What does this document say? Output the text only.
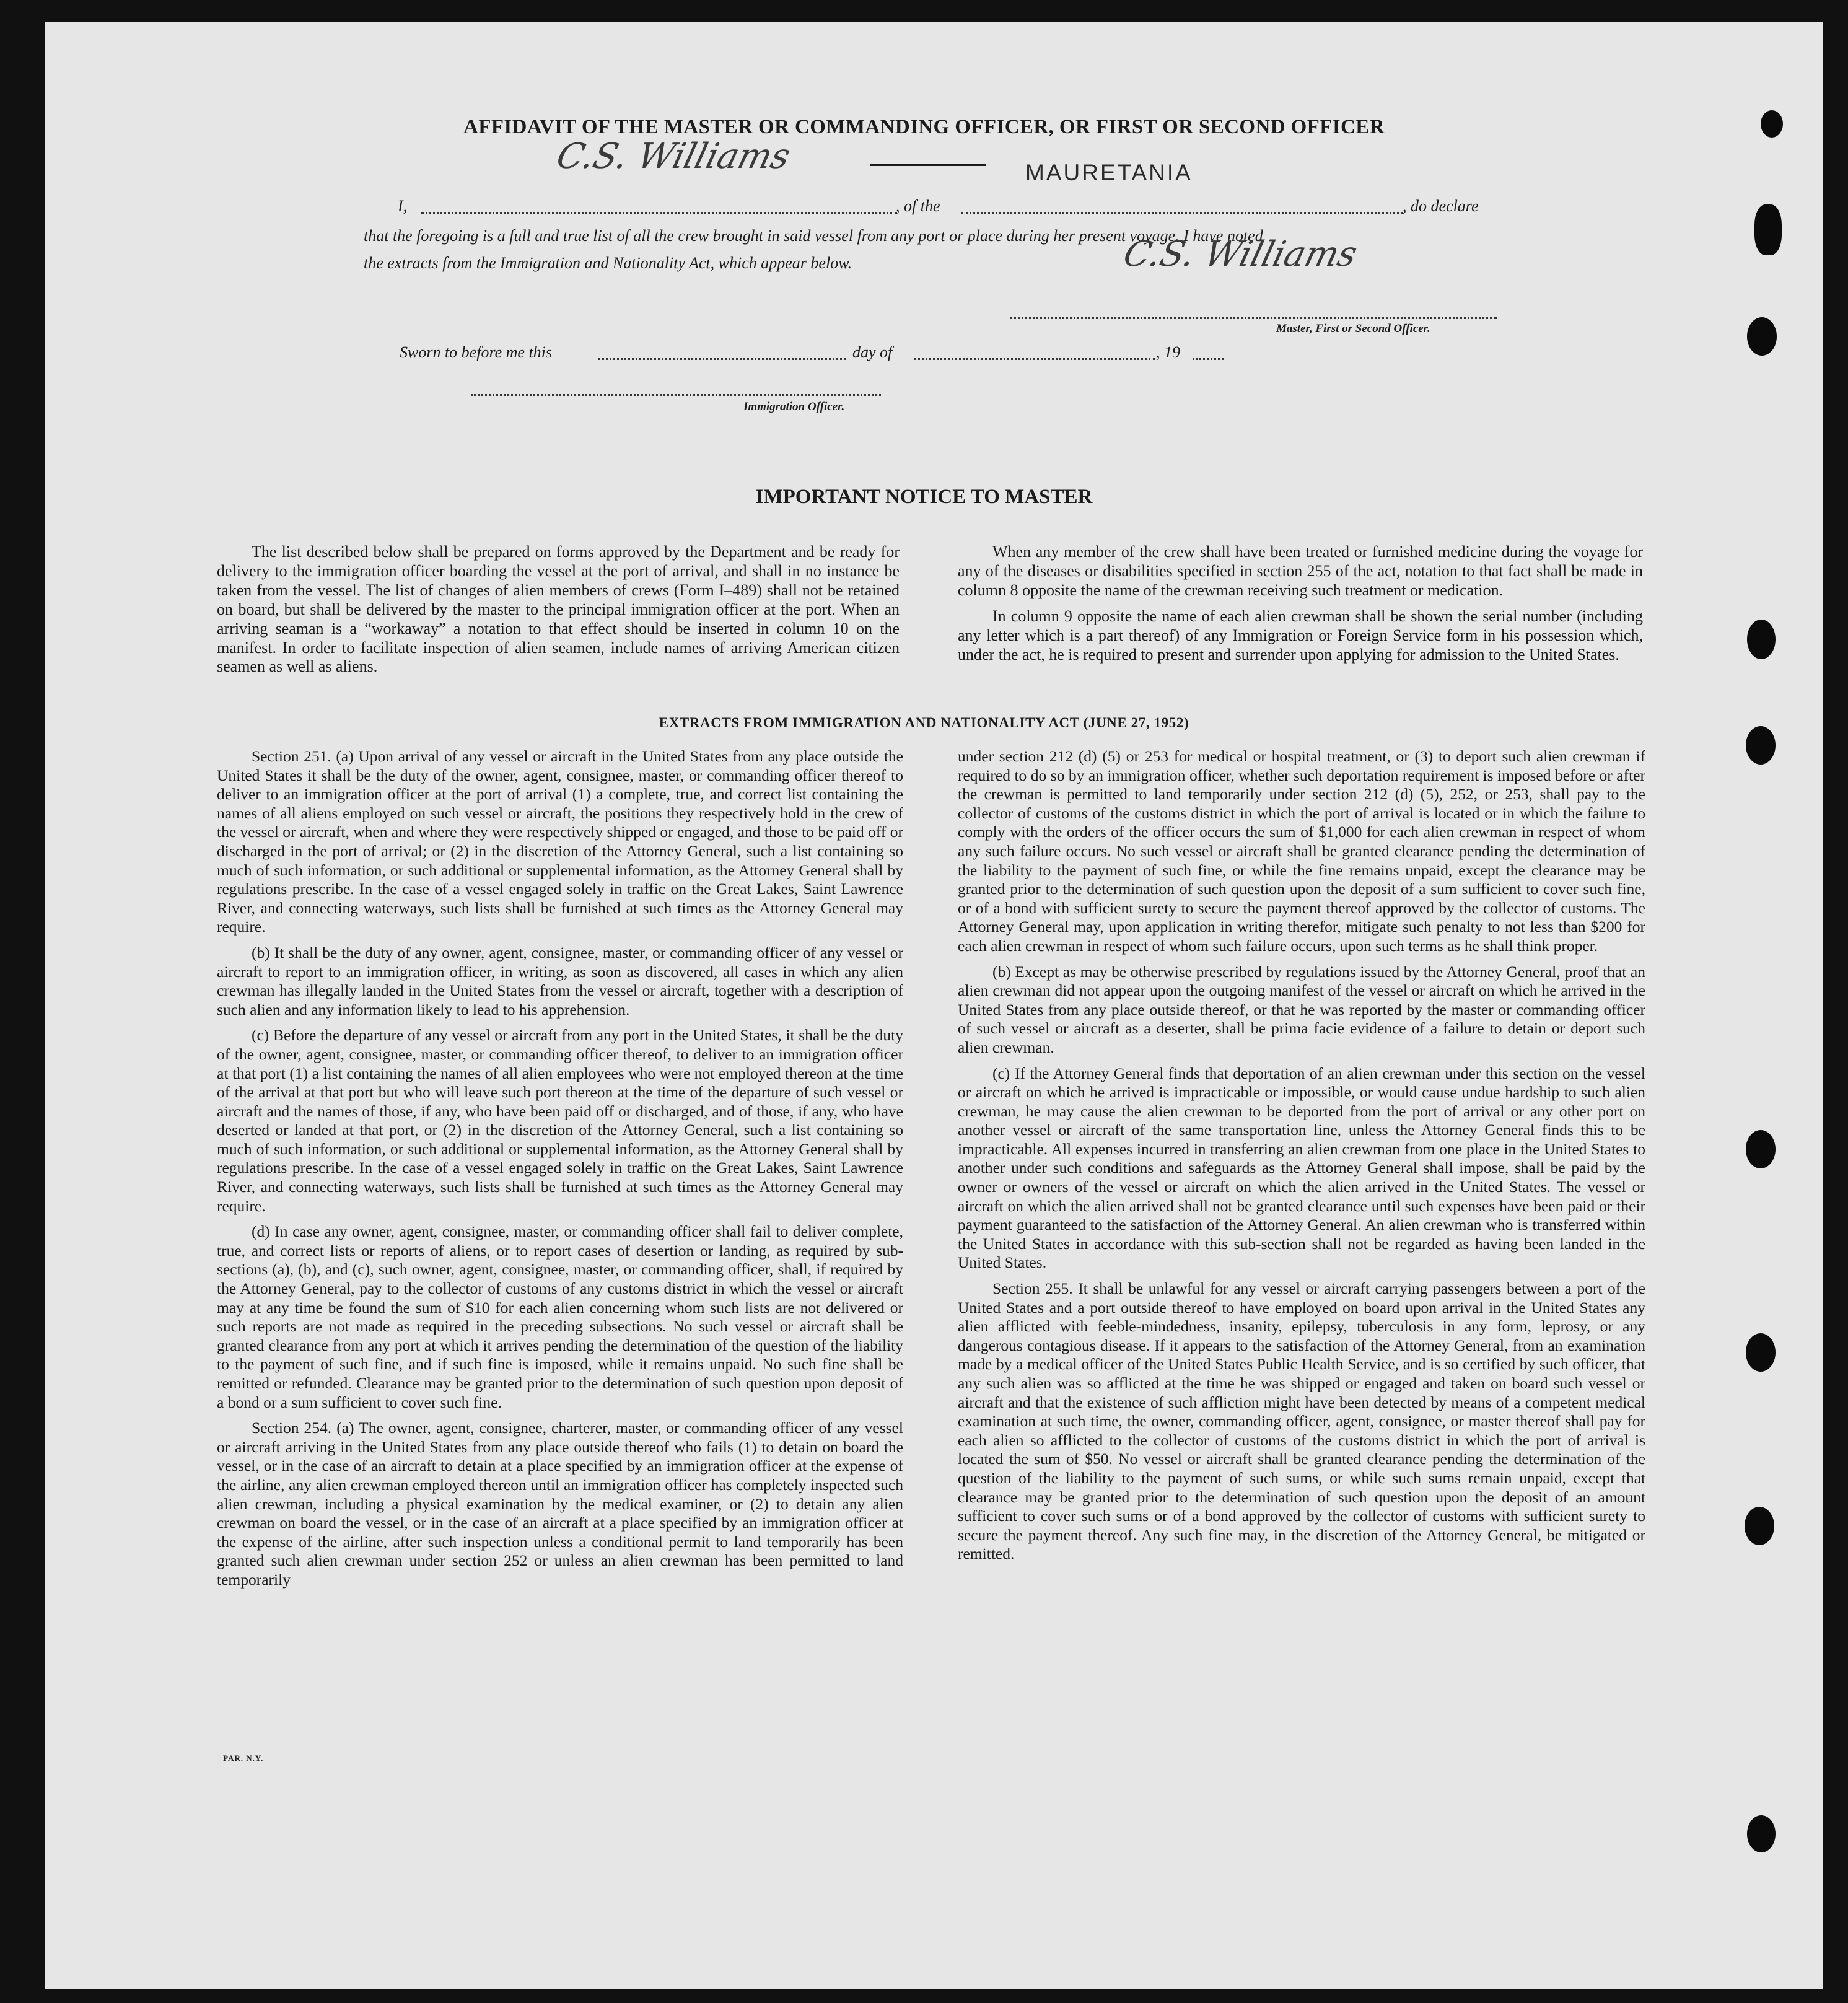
AFFIDAVIT OF THE MASTER OR COMMANDING OFFICER, OR FIRST OR SECOND OFFICER
C.S. Williams	MAURETANIA
I,	, of the	, do declare
that the foregoing is a full and true list of all the crew brought in said vessel from any port or place during her present voyage. I have noted
the extracts from the Immigration and Nationality Act, which appear below.	C.S. Williams
Master, First or Second Officer.
Sworn to before me this	day of	, 19
Immigration Officer.
IMPORTANT NOTICE TO MASTER

The list described below shall be prepared on forms approved by the Department and be ready for delivery to the immigration officer boarding the vessel at the port of arrival, and shall in no instance be taken from the vessel. The list of changes of alien members of crews (Form I–489) shall not be retained on board, but shall be delivered by the master to the principal immigration officer at the port. When an arriving seaman is a “workaway” a notation to that effect should be inserted in column 10 on the manifest. In order to facilitate inspection of alien seamen, include names of arriving American citizen seamen as well as aliens.

When any member of the crew shall have been treated or furnished medicine during the voyage for any of the diseases or disabilities specified in section 255 of the act, notation to that fact shall be made in column 8 opposite the name of the crewman receiving such treatment or medication.

In column 9 opposite the name of each alien crewman shall be shown the serial number (including any letter which is a part thereof) of any Immigration or Foreign Service form in his possession which, under the act, he is required to present and surrender upon applying for admission to the United States.

EXTRACTS FROM IMMIGRATION AND NATIONALITY ACT (JUNE 27, 1952)

Section 251. (a) Upon arrival of any vessel or aircraft in the United States from any place outside the United States it shall be the duty of the owner, agent, consignee, master, or commanding officer thereof to deliver to an immigration officer at the port of arrival (1) a complete, true, and correct list containing the names of all aliens employed on such vessel or aircraft, the positions they respectively hold in the crew of the vessel or aircraft, when and where they were respectively shipped or engaged, and those to be paid off or discharged in the port of arrival; or (2) in the discretion of the Attorney General, such a list containing so much of such information, or such additional or supplemental information, as the Attorney General shall by regulations prescribe. In the case of a vessel engaged solely in traffic on the Great Lakes, Saint Lawrence River, and connecting waterways, such lists shall be furnished at such times as the Attorney General may require.

(b) It shall be the duty of any owner, agent, consignee, master, or commanding officer of any vessel or aircraft to report to an immigration officer, in writing, as soon as discovered, all cases in which any alien crewman has illegally landed in the United States from the vessel or aircraft, together with a description of such alien and any information likely to lead to his apprehension.

(c) Before the departure of any vessel or aircraft from any port in the United States, it shall be the duty of the owner, agent, consignee, master, or commanding officer thereof, to deliver to an immigration officer at that port (1) a list containing the names of all alien employees who were not employed thereon at the time of the arrival at that port but who will leave such port thereon at the time of the departure of such vessel or aircraft and the names of those, if any, who have been paid off or discharged, and of those, if any, who have deserted or landed at that port, or (2) in the discretion of the Attorney General, such a list containing so much of such information, or such additional or supplemental information, as the Attorney General shall by regulations prescribe. In the case of a vessel engaged solely in traffic on the Great Lakes, Saint Lawrence River, and connecting waterways, such lists shall be furnished at such times as the Attorney General may require.

(d) In case any owner, agent, consignee, master, or commanding officer shall fail to deliver complete, true, and correct lists or reports of aliens, or to report cases of desertion or landing, as required by sub-sections (a), (b), and (c), such owner, agent, consignee, master, or commanding officer, shall, if required by the Attorney General, pay to the collector of customs of any customs district in which the vessel or aircraft may at any time be found the sum of $10 for each alien concerning whom such lists are not delivered or such reports are not made as required in the preceding subsections. No such vessel or aircraft shall be granted clearance from any port at which it arrives pending the determination of the question of the liability to the payment of such fine, and if such fine is imposed, while it remains unpaid. No such fine shall be remitted or refunded. Clearance may be granted prior to the determination of such question upon deposit of a bond or a sum sufficient to cover such fine.

Section 254. (a) The owner, agent, consignee, charterer, master, or commanding officer of any vessel or aircraft arriving in the United States from any place outside thereof who fails (1) to detain on board the vessel, or in the case of an aircraft to detain at a place specified by an immigration officer at the expense of the airline, any alien crewman employed thereon until an immigration officer has completely inspected such alien crewman, including a physical examination by the medical examiner, or (2) to detain any alien crewman on board the vessel, or in the case of an aircraft at a place specified by an immigration officer at the expense of the airline, after such inspection unless a conditional permit to land temporarily has been granted such alien crewman under section 252 or unless an alien crewman has been permitted to land temporarily

under section 212 (d) (5) or 253 for medical or hospital treatment, or (3) to deport such alien crewman if required to do so by an immigration officer, whether such deportation requirement is imposed before or after the crewman is permitted to land temporarily under section 212 (d) (5), 252, or 253, shall pay to the collector of customs of the customs district in which the port of arrival is located or in which the failure to comply with the orders of the officer occurs the sum of $1,000 for each alien crewman in respect of whom any such failure occurs. No such vessel or aircraft shall be granted clearance pending the determination of the liability to the payment of such fine, or while the fine remains unpaid, except the clearance may be granted prior to the determination of such question upon the deposit of a sum sufficient to cover such fine, or of a bond with sufficient surety to secure the payment thereof approved by the collector of customs. The Attorney General may, upon application in writing therefor, mitigate such penalty to not less than $200 for each alien crewman in respect of whom such failure occurs, upon such terms as he shall think proper.

(b) Except as may be otherwise prescribed by regulations issued by the Attorney General, proof that an alien crewman did not appear upon the outgoing manifest of the vessel or aircraft on which he arrived in the United States from any place outside thereof, or that he was reported by the master or commanding officer of such vessel or aircraft as a deserter, shall be prima facie evidence of a failure to detain or deport such alien crewman.

(c) If the Attorney General finds that deportation of an alien crewman under this section on the vessel or aircraft on which he arrived is impracticable or impossible, or would cause undue hardship to such alien crewman, he may cause the alien crewman to be deported from the port of arrival or any other port on another vessel or aircraft of the same transportation line, unless the Attorney General finds this to be impracticable. All expenses incurred in transferring an alien crewman from one place in the United States to another under such conditions and safeguards as the Attorney General shall impose, shall be paid by the owner or owners of the vessel or aircraft on which the alien arrived in the United States. The vessel or aircraft on which the alien arrived shall not be granted clearance until such expenses have been paid or their payment guaranteed to the satisfaction of the Attorney General. An alien crewman who is transferred within the United States in accordance with this sub-section shall not be regarded as having been landed in the United States.

Section 255. It shall be unlawful for any vessel or aircraft carrying passengers between a port of the United States and a port outside thereof to have employed on board upon arrival in the United States any alien afflicted with feeble-mindedness, insanity, epilepsy, tuberculosis in any form, leprosy, or any dangerous contagious disease. If it appears to the satisfaction of the Attorney General, from an examination made by a medical officer of the United States Public Health Service, and is so certified by such officer, that any such alien was so afflicted at the time he was shipped or engaged and taken on board such vessel or aircraft and that the existence of such affliction might have been detected by means of a competent medical examination at such time, the owner, commanding officer, agent, consignee, or master thereof shall pay for each alien so afflicted to the collector of customs of the customs district in which the port of arrival is located the sum of $50. No vessel or aircraft shall be granted clearance pending the determination of the question of the liability to the payment of such sums, or while such sums remain unpaid, except that clearance may be granted prior to the determination of such question upon the deposit of an amount sufficient to cover such sums or of a bond approved by the collector of customs with sufficient surety to secure the payment thereof. Any such fine may, in the discretion of the Attorney General, be mitigated or remitted.

PAR. N.Y.
